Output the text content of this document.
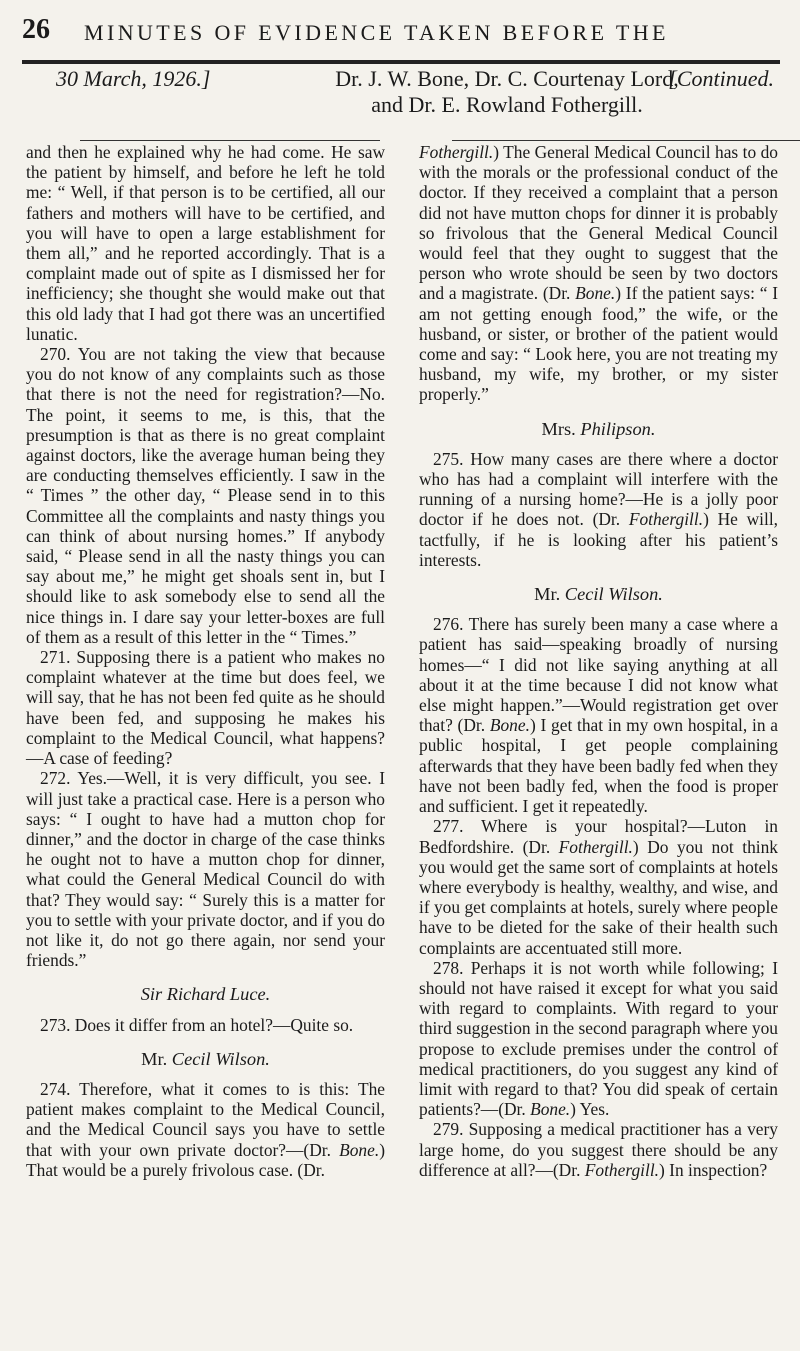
26 MINUTES OF EVIDENCE TAKEN BEFORE THE
30 March, 1926.]	Dr. J. W. Bone, Dr. C. Courtenay Lord,
and Dr. E. Rowland Fothergill.
[Continued.

and then he explained why he had come. He saw the patient by himself, and before he left he told me: “ Well, if that person is to be certified, all our fathers and mothers will have to be certified, and you will have to open a large establishment for them all,” and he reported accordingly. That is a complaint made out of spite as I dismissed her for inefficiency; she thought she would make out that this old lady that I had got there was an uncertified lunatic.

270. You are not taking the view that because you do not know of any complaints such as those that there is not the need for registration?—No. The point, it seems to me, is this, that the presumption is that as there is no great complaint against doctors, like the average human being they are conducting themselves efficiently. I saw in the “ Times ” the other day, “ Please send in to this Committee all the complaints and nasty things you can think of about nursing homes.” If anybody said, “ Please send in all the nasty things you can say about me,” he might get shoals sent in, but I should like to ask somebody else to send all the nice things in. I dare say your letter-boxes are full of them as a result of this letter in the “ Times.”

271. Supposing there is a patient who makes no complaint whatever at the time but does feel, we will say, that he has not been fed quite as he should have been fed, and supposing he makes his complaint to the Medical Council, what happens?—A case of feeding?

272. Yes.—Well, it is very difficult, you see. I will just take a practical case. Here is a person who says: “ I ought to have had a mutton chop for dinner,” and the doctor in charge of the case thinks he ought not to have a mutton chop for dinner, what could the General Medical Council do with that? They would say: “ Surely this is a matter for you to settle with your private doctor, and if you do not like it, do not go there again, nor send your friends.”

Sir Richard Luce.

273. Does it differ from an hotel?—Quite so.

Mr. Cecil Wilson.

274. Therefore, what it comes to is this: The patient makes complaint to the Medical Council, and the Medical Council says you have to settle that with your own private doctor?—(Dr. Bone.) That would be a purely frivolous case. (Dr.

Fothergill.) The General Medical Council has to do with the morals or the professional conduct of the doctor. If they received a complaint that a person did not have mutton chops for dinner it is probably so frivolous that the General Medical Council would feel that they ought to suggest that the person who wrote should be seen by two doctors and a magistrate. (Dr. Bone.) If the patient says: “ I am not getting enough food,” the wife, or the husband, or sister, or brother of the patient would come and say: “ Look here, you are not treating my husband, my wife, my brother, or my sister properly.”

Mrs. Philipson.

275. How many cases are there where a doctor who has had a complaint will interfere with the running of a nursing home?—He is a jolly poor doctor if he does not. (Dr. Fothergill.) He will, tactfully, if he is looking after his patient’s interests.

Mr. Cecil Wilson.

276. There has surely been many a case where a patient has said—speaking broadly of nursing homes—“ I did not like saying anything at all about it at the time because I did not know what else might happen.”—Would registration get over that? (Dr. Bone.) I get that in my own hospital, in a public hospital, I get people complaining afterwards that they have been badly fed when they have not been badly fed, when the food is proper and sufficient. I get it repeatedly.

277. Where is your hospital?—Luton in Bedfordshire. (Dr. Fothergill.) Do you not think you would get the same sort of complaints at hotels where everybody is healthy, wealthy, and wise, and if you get complaints at hotels, surely where people have to be dieted for the sake of their health such complaints are accentuated still more.

278. Perhaps it is not worth while following; I should not have raised it except for what you said with regard to complaints. With regard to your third suggestion in the second paragraph where you propose to exclude premises under the control of medical practitioners, do you suggest any kind of limit with regard to that? You did speak of certain patients?—(Dr. Bone.) Yes.

279. Supposing a medical practitioner has a very large home, do you suggest there should be any difference at all?—(Dr. Fothergill.) In inspection?
